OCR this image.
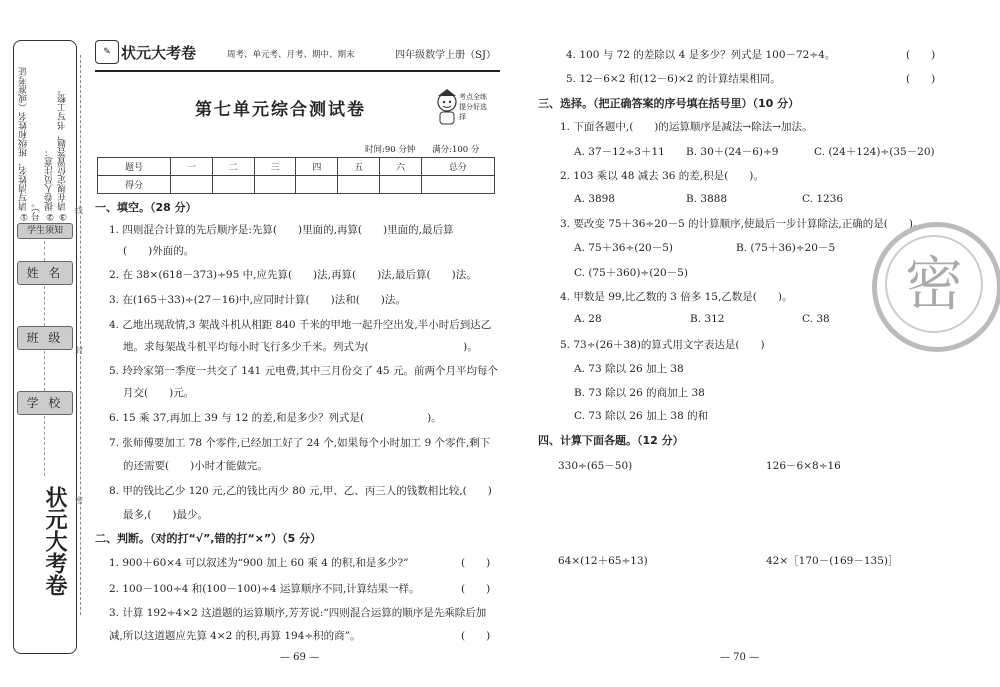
①请写清姓名、班级和姓名（或准考证号）。 ②提卷人员注意： ③请在规定位置答题，书写工整。
学生须知
姓 名
班 级
学 校
状元大考卷
线
封
密
✎ 状元大考卷	周考、单元考、月考、期中、期末	四年级数学上册（SJ）
第七单元综合测试卷
考点全练 提分好选择
时间:90 分钟 满分:100 分
题号	一	二	三	四	五	六	总分
得分							
一、填空。（28 分）
1. 四则混合计算的先后顺序是:先算(　　)里面的,再算(　　)里面的,最后算
(　　)外面的。
2. 在 38×(618－373)÷95 中,应先算(　　)法,再算(　　)法,最后算(　　)法。
3. 在(165＋33)÷(27－16)中,应同时计算(　　)法和(　　)法。
4. 乙地出现敌情,3 架战斗机从相距 840 千米的甲地一起升空出发,半小时后到达乙
地。求每架战斗机平均每小时飞行多少千米。列式为(　　　　　　　　　)。
5. 玲玲家第一季度一共交了 141 元电费,其中三月份交了 45 元。前两个月平均每个
月交(　　)元。
6. 15 乘 37,再加上 39 与 12 的差,和是多少？列式是(　　　　　　)。
7. 张师傅要加工 78 个零件,已经加工好了 24 个,如果每个小时加工 9 个零件,剩下
的还需要(　　)小时才能做完。
8. 甲的钱比乙少 120 元,乙的钱比丙少 80 元,甲、乙、丙三人的钱数相比较,(　　)
最多,(　　)最少。
二、判断。（对的打“√”,错的打“×”）（5 分）
1. 900＋60×4 可以叙述为“900 加上 60 乘 4 的积,和是多少?”	(　　)
2. 100－100÷4 和(100－100)÷4 运算顺序不同,计算结果一样。	(　　)
3. 计算 192÷4×2 这道题的运算顺序,芳芳说:“四则混合运算的顺序是先乘除后加
减,所以这道题应先算 4×2 的积,再算 194÷积的商”。	(　　)
— 69 —
4. 100 与 72 的差除以 4 是多少？列式是 100－72÷4。	(　　)
5. 12－6×2 和(12－6)×2 的计算结果相同。	(　　)
三、选择。（把正确答案的序号填在括号里）（10 分）
1. 下面各题中,(　　)的运算顺序是减法→除法→加法。
A. 37－12÷3＋11 B. 30＋(24－6)÷9	C. (24＋124)÷(35－20)
2. 103 乘以 48 减去 36 的差,积是(　　)。
A. 3898	B. 3888	C. 1236
3. 要改变 75＋36÷20－5 的计算顺序,使最后一步计算除法,正确的是(　　)。
A. 75＋36÷(20－5)	B. (75＋36)÷20－5
C. (75＋360)÷(20－5)
4. 甲数是 99,比乙数的 3 倍多 15,乙数是(　　)。
A. 28	B. 312	C. 38
5. 73÷(26＋38)的算式用文字表达是(　　)
A. 73 除以 26 加上 38
B. 73 除以 26 的商加上 38
C. 73 除以 26 加上 38 的和
四、计算下面各题。（12 分）
330÷(65－50)	126－6×8÷16
64×(12＋65÷13)	42×［170－(169－135)］
— 70 —
密
